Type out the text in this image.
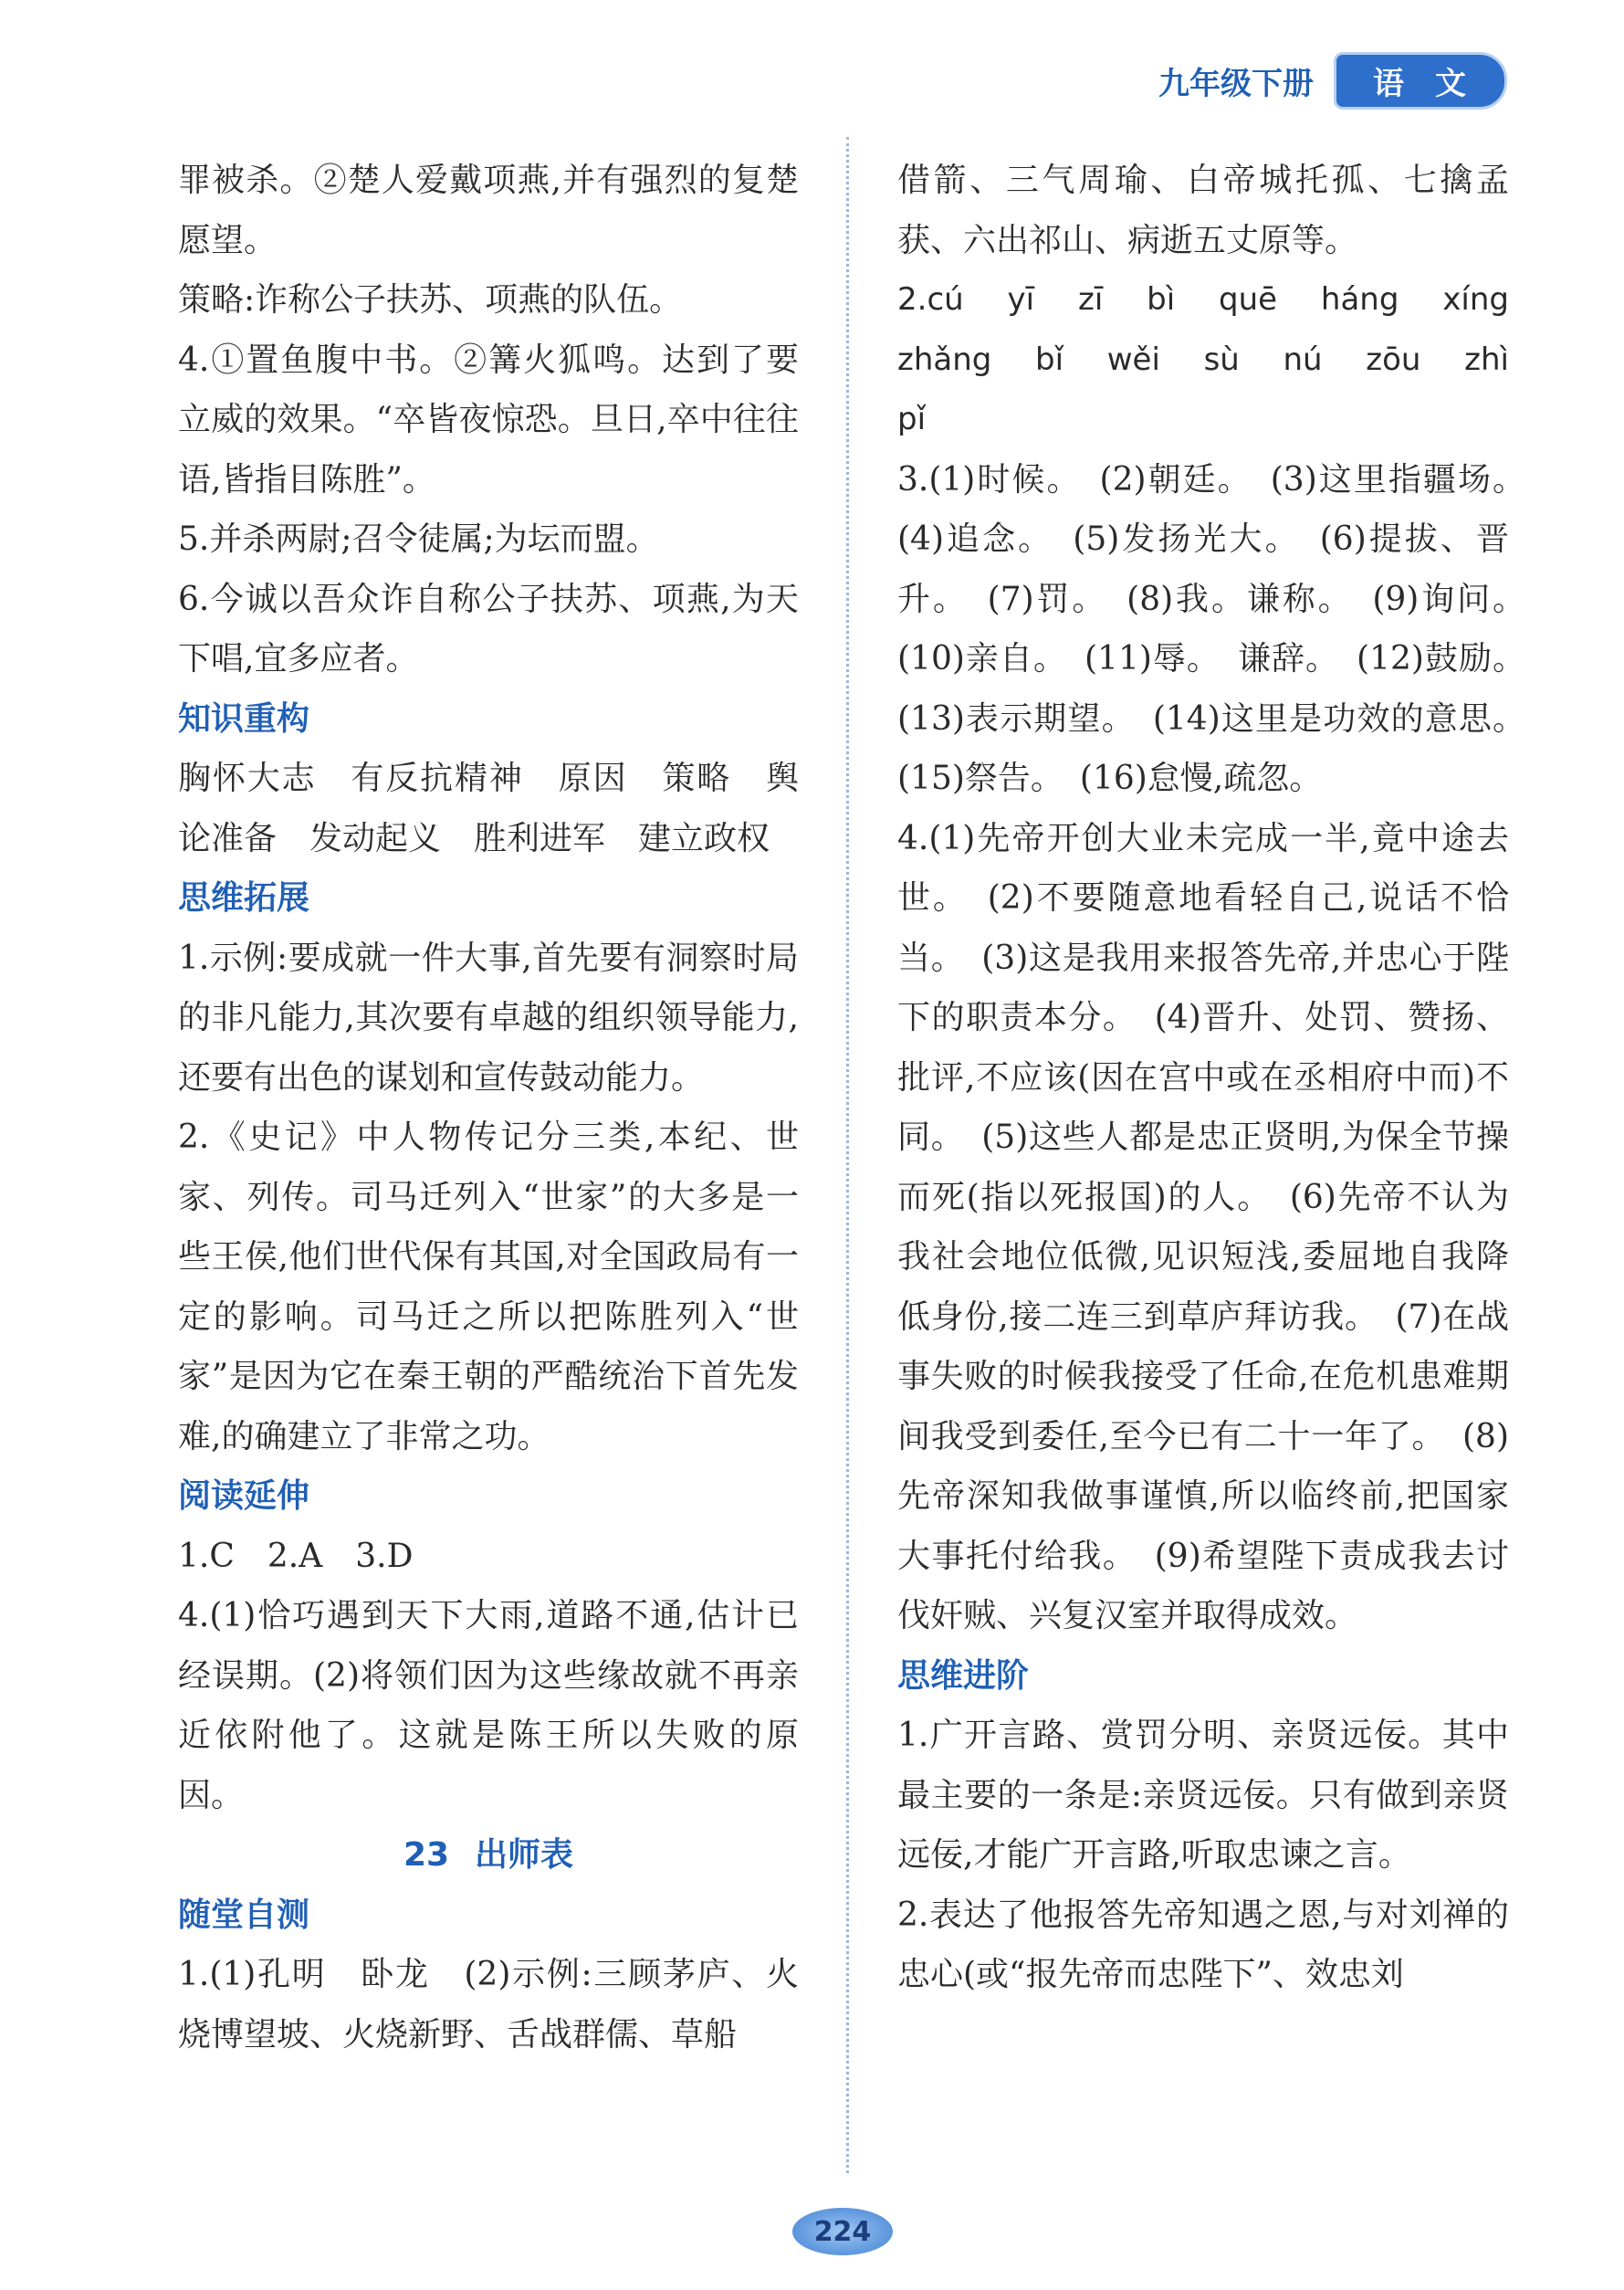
九年级下册	语文

罪被杀。②楚人爱戴项燕,并有强烈的复楚愿望。

策略:诈称公子扶苏、项燕的队伍。

4.①置鱼腹中书。②篝火狐鸣。达到了要立威的效果。“卒皆夜惊恐。旦日,卒中往往语,皆指目陈胜”。

5.并杀两尉;召令徒属;为坛而盟。

6.今诚以吾众诈自称公子扶苏、项燕,为天下唱,宜多应者。

知识重构

胸怀大志　有反抗精神　原因　策略　舆论准备　发动起义　胜利进军　建立政权

思维拓展

1.示例:要成就一件大事,首先要有洞察时局的非凡能力,其次要有卓越的组织领导能力,还要有出色的谋划和宣传鼓动能力。

2.《史记》中人物传记分三类,本纪、世家、列传。司马迁列入“世家”的大多是一些王侯,他们世代保有其国,对全国政局有一定的影响。司马迁之所以把陈胜列入“世家”是因为它在秦王朝的严酷统治下首先发难,的确建立了非常之功。

阅读延伸

1.C　2.A　3.D

4.(1)恰巧遇到天下大雨,道路不通,估计已经误期。(2)将领们因为这些缘故就不再亲近依附他了。这就是陈王所以失败的原因。

23 出师表
随堂自测

1.(1)孔明　卧龙　(2)示例:三顾茅庐、火烧博望坡、火烧新野、舌战群儒、草船

借箭、三气周瑜、白帝城托孤、七擒孟获、六出祁山、病逝五丈原等。

2.cú yī zī bì quē háng xíng zhǎng bǐ wěi sù nú zōu zhì pǐ

3.(1)时候。　(2)朝廷。　(3)这里指疆场。　(4)追念。　(5)发扬光大。　(6)提拔、晋升。　(7)罚。　(8)我。谦称。　(9)询问。　(10)亲自。　(11)辱。　谦辞。　(12)鼓励。　(13)表示期望。　(14)这里是功效的意思。　(15)祭告。　(16)怠慢,疏忽。

4.(1)先帝开创大业未完成一半,竟中途去世。　(2)不要随意地看轻自己,说话不恰当。　(3)这是我用来报答先帝,并忠心于陛下的职责本分。　(4)晋升、处罚、赞扬、批评,不应该(因在宫中或在丞相府中而)不同。　(5)这些人都是忠正贤明,为保全节操而死(指以死报国)的人。　(6)先帝不认为我社会地位低微,见识短浅,委屈地自我降低身份,接二连三到草庐拜访我。　(7)在战事失败的时候我接受了任命,在危机患难期间我受到委任,至今已有二十一年了。　(8)先帝深知我做事谨慎,所以临终前,把国家大事托付给我。　(9)希望陛下责成我去讨伐奸贼、兴复汉室并取得成效。

思维进阶

1.广开言路、赏罚分明、亲贤远佞。其中最主要的一条是:亲贤远佞。只有做到亲贤远佞,才能广开言路,听取忠谏之言。

2.表达了他报答先帝知遇之恩,与对刘禅的忠心(或“报先帝而忠陛下”、效忠刘

224
